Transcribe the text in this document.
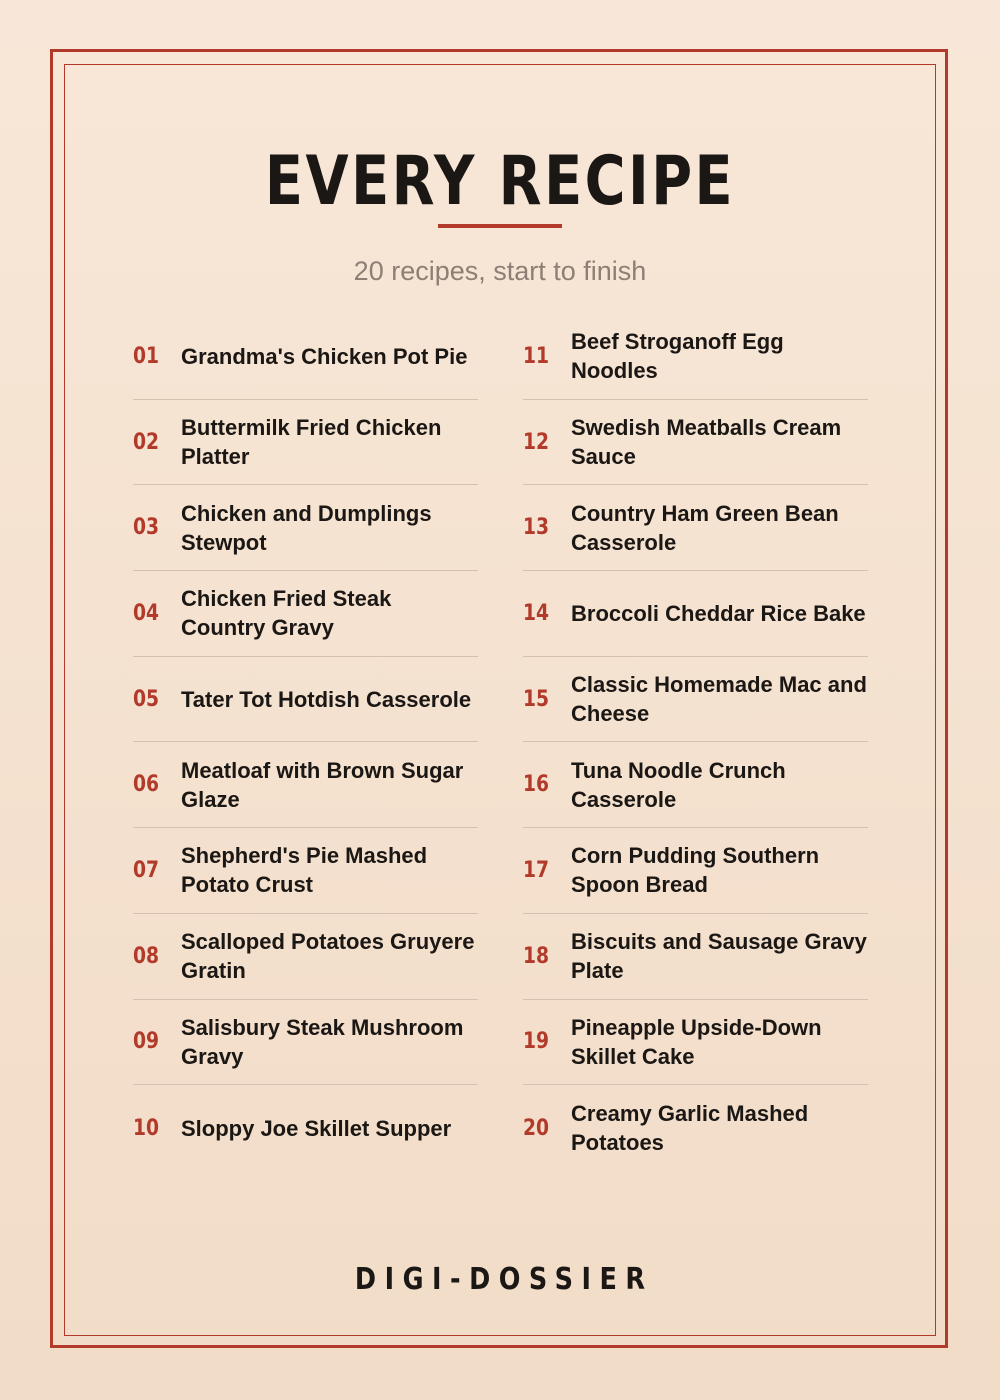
EVERY RECIPE
20 recipes, start to finish
01 Grandma's Chicken Pot Pie
02
Buttermilk Fried Chicken Platter
03
Chicken and Dumplings Stewpot
04
Chicken Fried Steak Country Gravy
05 Tater Tot Hotdish Casserole
06
Meatloaf with Brown Sugar Glaze
07
Shepherd's Pie Mashed Potato Crust
08
Scalloped Potatoes Gruyere Gratin
09
Salisbury Steak Mushroom Gravy
10 Sloppy Joe Skillet Supper
11
Beef Stroganoff Egg Noodles
12
Swedish Meatballs Cream Sauce
13
Country Ham Green Bean Casserole
14 Broccoli Cheddar Rice Bake
15
Classic Homemade Mac and Cheese
16
Tuna Noodle Crunch Casserole
17
Corn Pudding Southern Spoon Bread
18
Biscuits and Sausage Gravy Plate
19
Pineapple Upside-Down Skillet Cake
20
Creamy Garlic Mashed Potatoes
DIGI-DOSSIER
